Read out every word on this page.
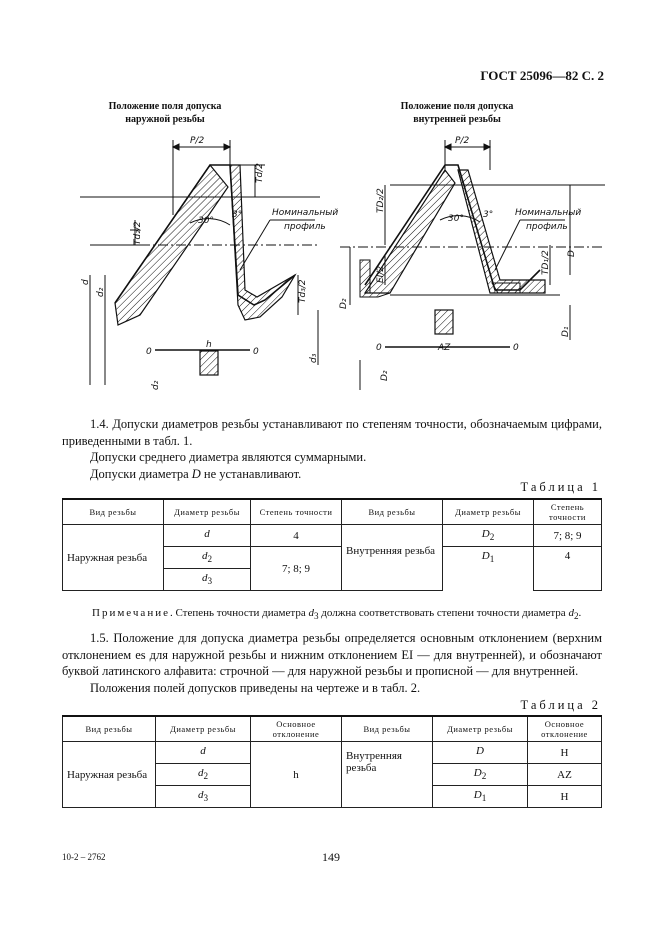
ГОСТ 25096—82 С. 2
Положение поля допуска наружной резьбы
Положение поля допуска внутренней резьбы
P/2
Td/2
Td₂/2
Td₃/2
30°
3°	Номинальный
профиль
d
d₂
d₃
h
0	0
d₂
P/2
TD₂/2
EI/2	TD₁/2
30° 3° Номинальный
профиль
D
D₂
D₁
0	0
AZ
D₂

1.4. Допуски диаметров резьбы устанавливают по степеням точности, обозначаемым цифрами, приведенными в табл. 1.

Допуски среднего диаметра являются суммарными.

Допуски диаметра D не устанавливают.

Таблица 1
Вид резьбы	Диаметр резьбы	Степень точности	Вид резьбы	Диаметр резьбы	Степень точности
Наружная резьба	d	4	Внутренняя резьба	$D_2$	7; 8; 9
	$d_2$	7; 8; 9		$D_1$	4
	$d_3$
Примечание. Степень точности диаметра $d_3$ должна соответствовать степени точности диаметра $d_2$.

1.5. Положение для допуска диаметра резьбы определяется основным отклонением (верхним отклонением es для наружной резьбы и нижним отклонением EI — для внутренней), и обозначают буквой латинского алфавита: строчной — для наружной резьбы и прописной — для внутренней.

Положения полей допусков приведены на чертеже и в табл. 2.

Таблица 2
Вид резьбы	Диаметр резьбы	Основное отклонение	Вид резьбы	Диаметр резьбы	Основное отклонение
Наружная резьба	d	h	Внутренняя резьба	D	H
	$d_2$			$D_2$	AZ
	$d_3$			$D_1$	H
10-2 – 2762	149
